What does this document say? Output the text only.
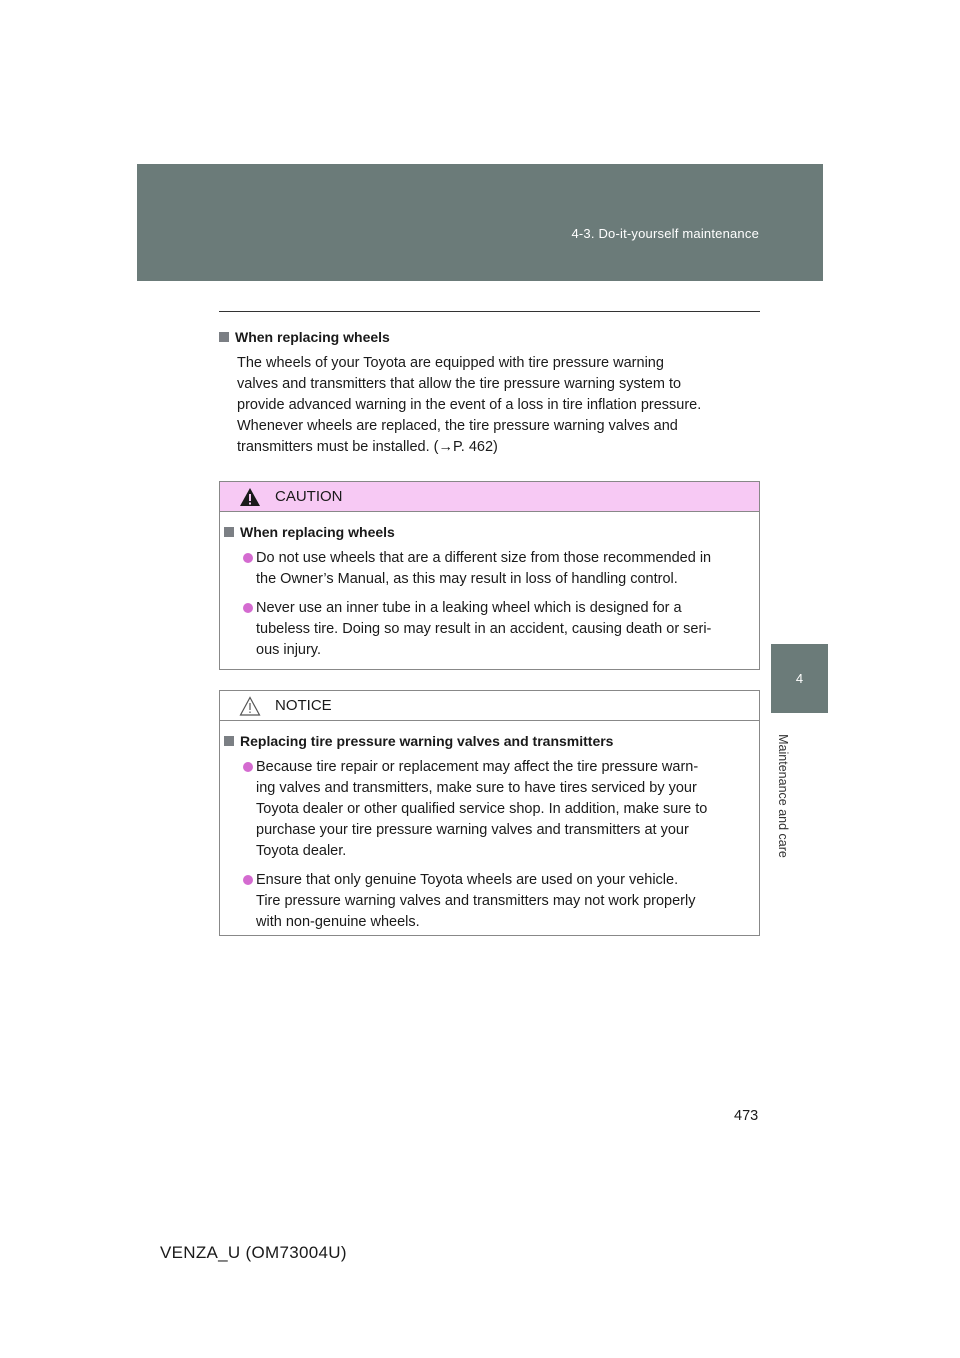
4-3. Do-it-yourself maintenance
4
Maintenance and care

When replacing wheels

The wheels of your Toyota are equipped with tire pressure warning
valves and transmitters that allow the tire pressure warning system to
provide advanced warning in the event of a loss in tire inflation pressure.
Whenever wheels are replaced, the tire pressure warning valves and
transmitters must be installed. (→P. 462)
CAUTION

When replacing wheels

Do not use wheels that are a different size from those recommended in
the Owner’s Manual, as this may result in loss of handling control.
Never use an inner tube in a leaking wheel which is designed for a
tubeless tire. Doing so may result in an accident, causing death or seri-
ous injury.
NOTICE

Replacing tire pressure warning valves and transmitters

Because tire repair or replacement may affect the tire pressure warn-
ing valves and transmitters, make sure to have tires serviced by your
Toyota dealer or other qualified service shop. In addition, make sure to
purchase your tire pressure warning valves and transmitters at your
Toyota dealer.
Ensure that only genuine Toyota wheels are used on your vehicle.
Tire pressure warning valves and transmitters may not work properly
with non-genuine wheels.
473
VENZA_U (OM73004U)
